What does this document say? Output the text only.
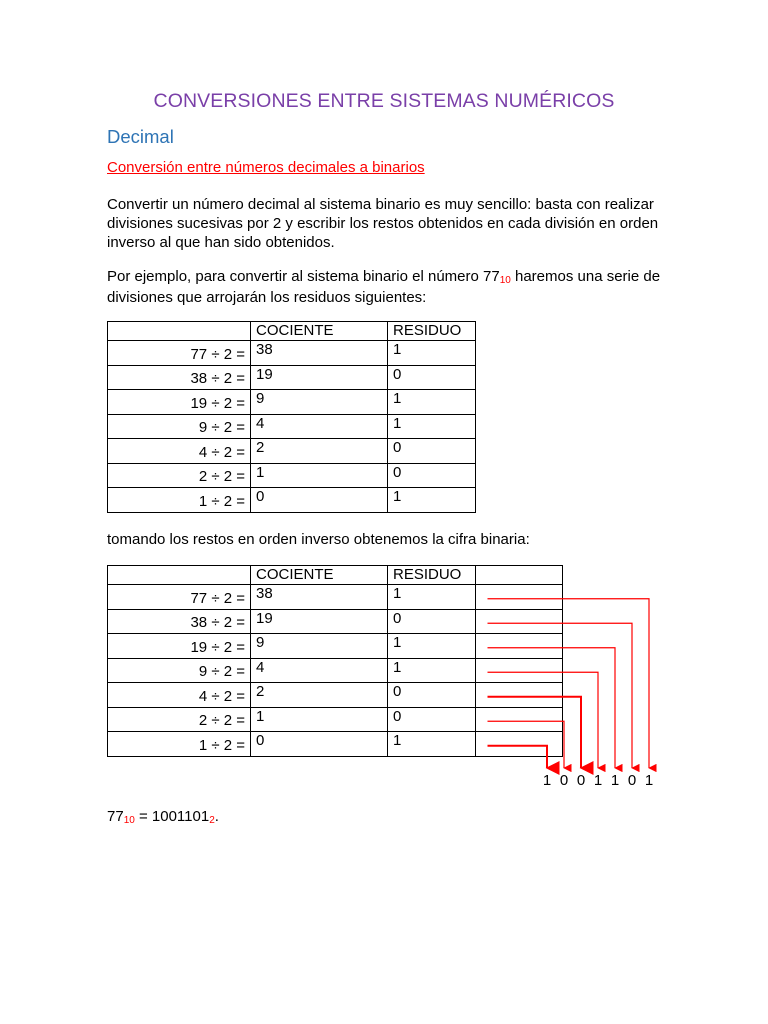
CONVERSIONES ENTRE SISTEMAS NUMÉRICOS
Decimal
Conversión entre números decimales a binarios
Convertir un número decimal al sistema binario es muy sencillo: basta con realizar divisiones sucesivas por 2 y escribir los restos obtenidos en cada división en orden inverso al que han sido obtenidos.
Por ejemplo, para convertir al sistema binario el número 7710 haremos una serie de divisiones que arrojarán los residuos siguientes:
	COCIENTE	RESIDUO
77 ÷ 2 =	38	1
38 ÷ 2 =	19	0
19 ÷ 2 =	9	1
9 ÷ 2 =	4	1
4 ÷ 2 =	2	0
2 ÷ 2 =	1	0
1 ÷ 2 =	0	1
tomando los restos en orden inverso obtenemos la cifra binaria:
	COCIENTE	RESIDUO	
77 ÷ 2 =	38	1	
38 ÷ 2 =	19	0	
19 ÷ 2 =	9	1	
9 ÷ 2 =	4	1	
4 ÷ 2 =	2	0	
2 ÷ 2 =	1	0	
1 ÷ 2 =	0	1	
1 0 0 1 1 0 1
7710 = 10011012.
